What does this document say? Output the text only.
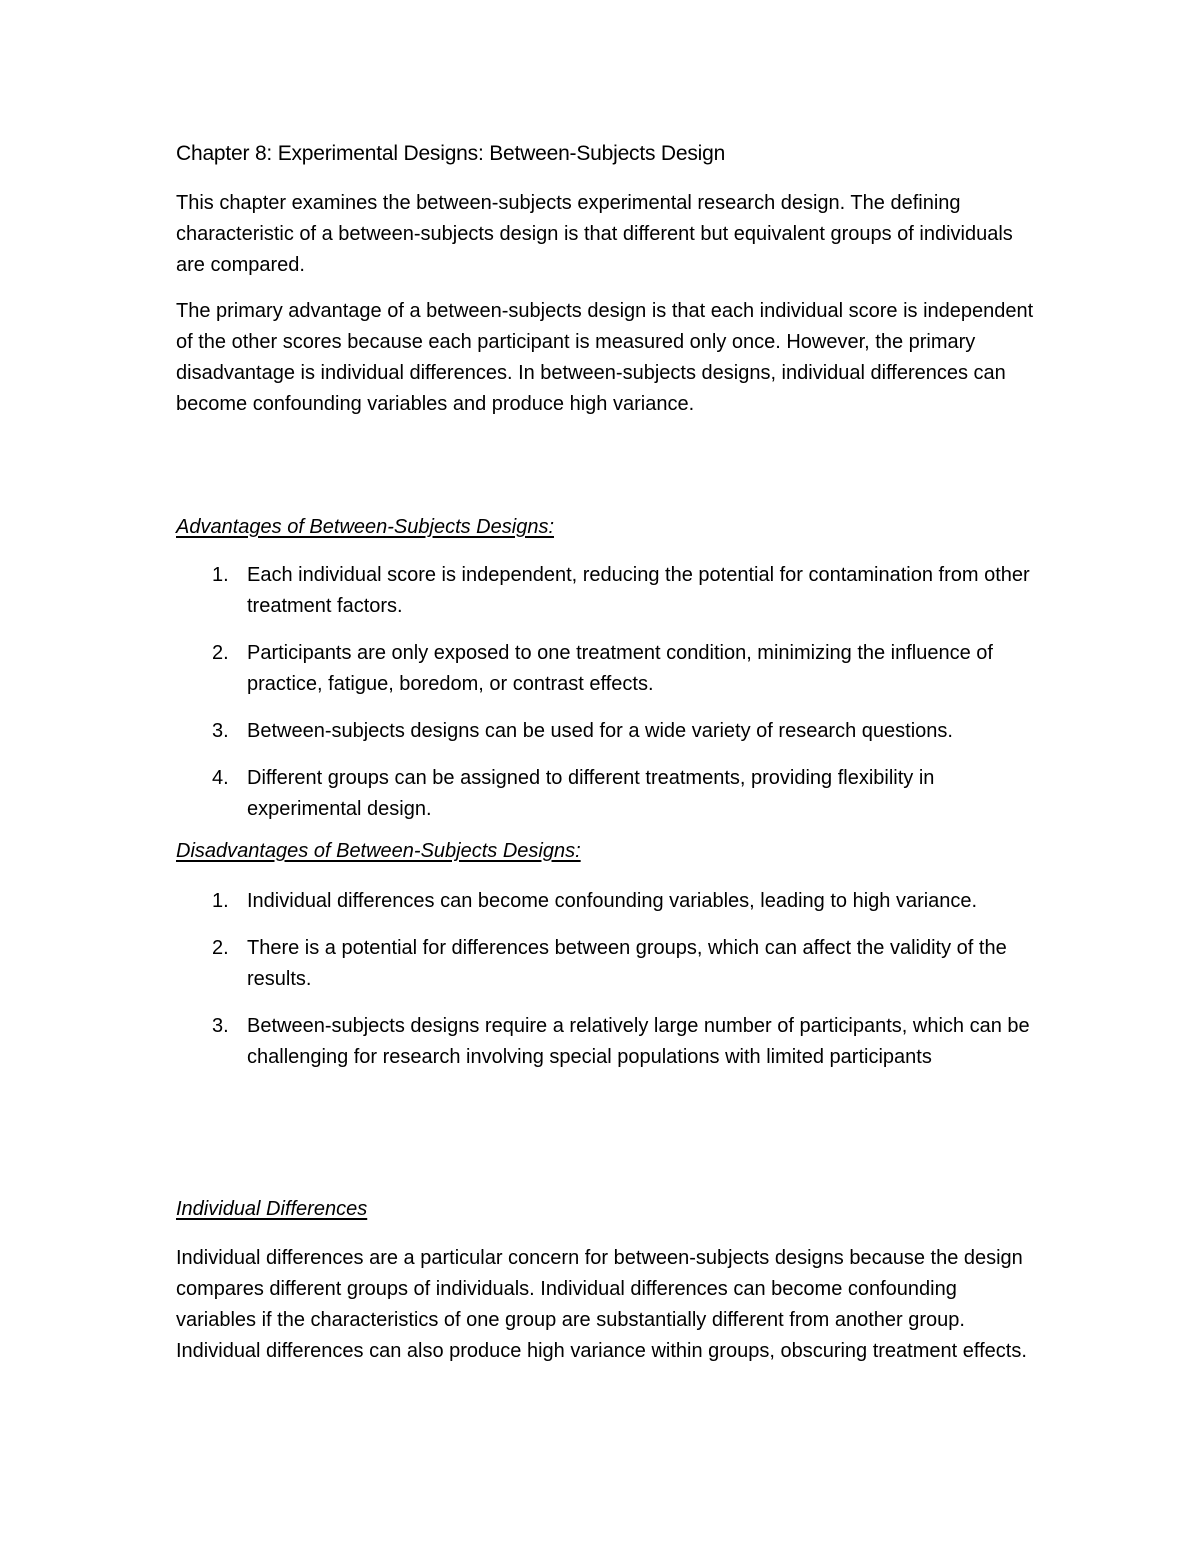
Chapter 8: Experimental Designs: Between-Subjects Design

This chapter examines the between-subjects experimental research design. The defining characteristic of a between-subjects design is that different but equivalent groups of individuals are compared.

The primary advantage of a between-subjects design is that each individual score is independent of the other scores because each participant is measured only once. However, the primary disadvantage is individual differences. In between-subjects designs, individual differences can become confounding variables and produce high variance.

Advantages of Between-Subjects Designs:
1. Each individual score is independent, reducing the potential for contamination from other treatment factors.
2. Participants are only exposed to one treatment condition, minimizing the influence of practice, fatigue, boredom, or contrast effects.
3. Between-subjects designs can be used for a wide variety of research questions.
4. Different groups can be assigned to different treatments, providing flexibility in experimental design.
Disadvantages of Between-Subjects Designs:
1. Individual differences can become confounding variables, leading to high variance.
2. There is a potential for differences between groups, which can affect the validity of the results.
3. Between-subjects designs require a relatively large number of participants, which can be challenging for research involving special populations with limited participants
Individual Differences

Individual differences are a particular concern for between-subjects designs because the design compares different groups of individuals. Individual differences can become confounding variables if the characteristics of one group are substantially different from another group. Individual differences can also produce high variance within groups, obscuring treatment effects.
